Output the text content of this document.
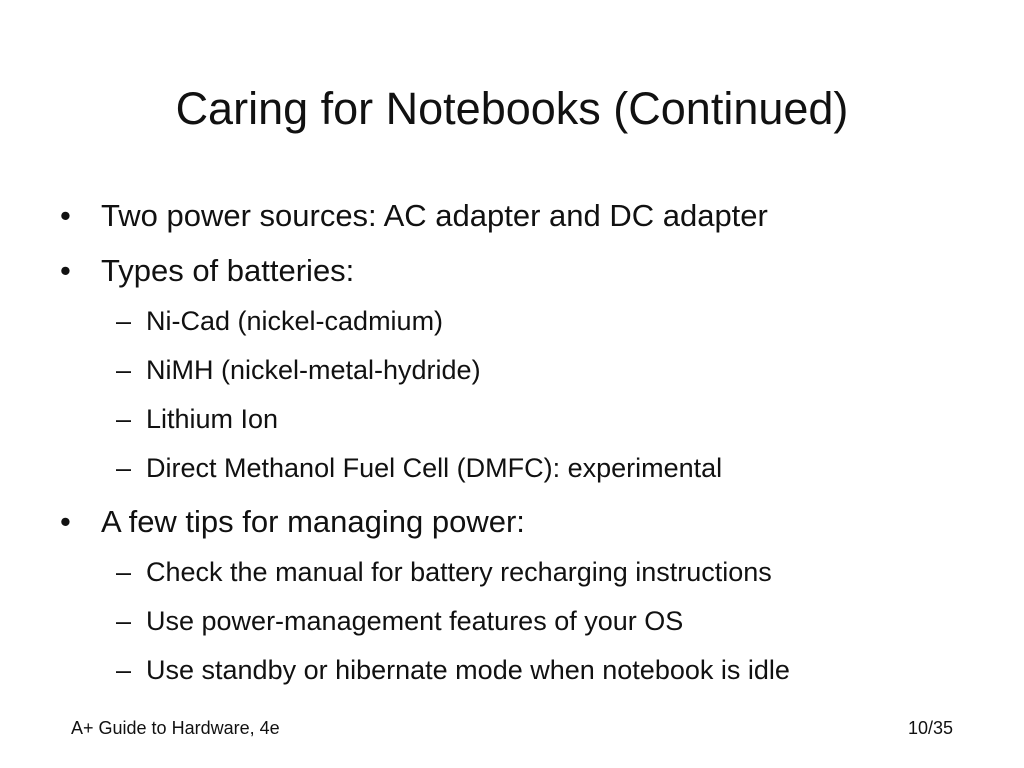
Caring for Notebooks (Continued)
• Two power sources: AC adapter and DC adapter
• Types of batteries:
– Ni-Cad (nickel-cadmium)
– NiMH (nickel-metal-hydride)
– Lithium Ion
– Direct Methanol Fuel Cell (DMFC): experimental
• A few tips for managing power:
– Check the manual for battery recharging instructions
– Use power-management features of your OS
– Use standby or hibernate mode when notebook is idle
A+ Guide to Hardware, 4e	10/35
